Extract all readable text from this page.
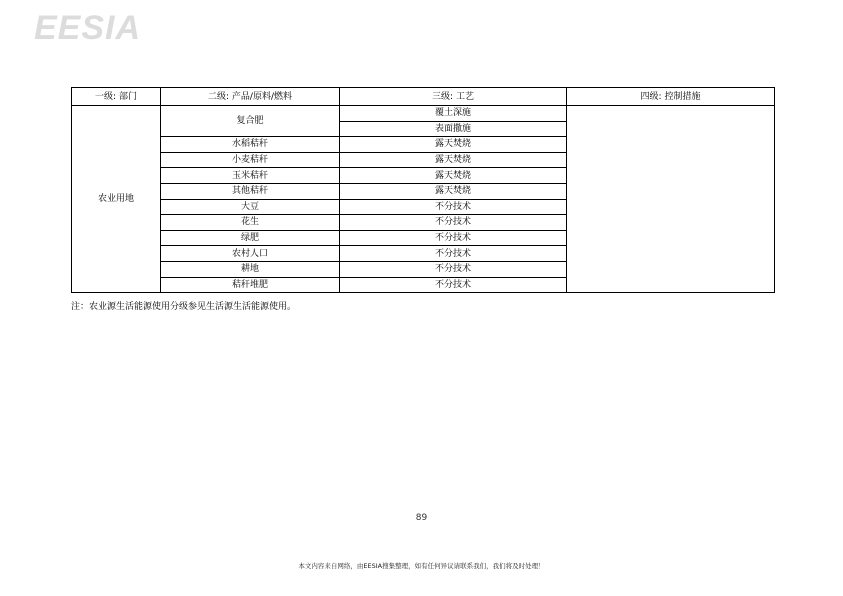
EESIA
一级: 部门	二级: 产品/原料/燃料	三级: 工艺	四级: 控制措施
农业用地	复合肥	覆土深施	
		表面撒施	
	水稻秸秆	露天焚烧	
	小麦秸秆	露天焚烧	
	玉米秸秆	露天焚烧	
	其他秸秆	露天焚烧	
	大豆	不分技术	
	花生	不分技术	
	绿肥	不分技术	
	农村人口	不分技术	
	耕地	不分技术	
	秸秆堆肥	不分技术	
注：农业源生活能源使用分级参见生活源生活能源使用。
89
本文内容来自网络，由EESIA搜集整理，如有任何异议请联系我们，我们将及时处理！
